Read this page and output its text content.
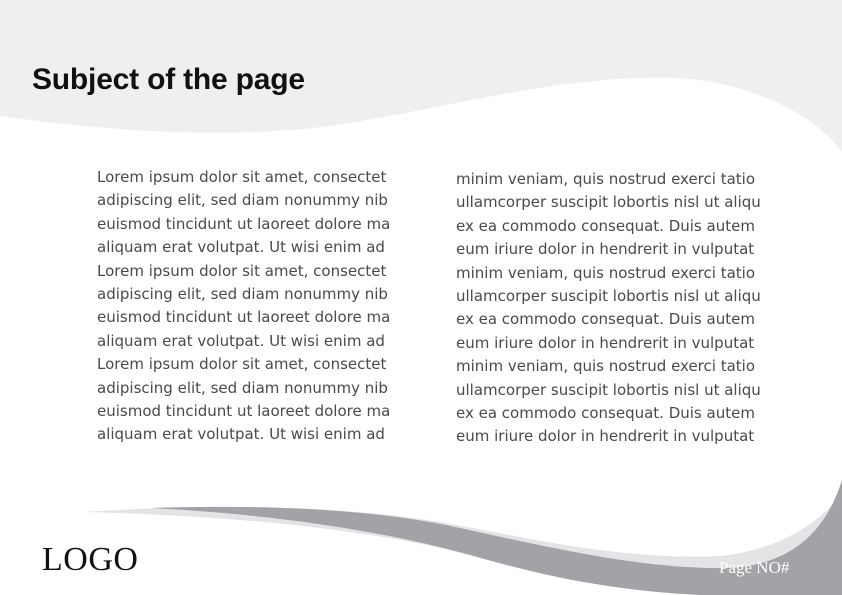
Subject of the page

Lorem ipsum dolor sit amet, consectet
adipiscing elit, sed diam nonummy nib
euismod tincidunt ut laoreet dolore ma
aliquam erat volutpat. Ut wisi enim ad

Lorem ipsum dolor sit amet, consectet
adipiscing elit, sed diam nonummy nib
euismod tincidunt ut laoreet dolore ma
aliquam erat volutpat. Ut wisi enim ad

Lorem ipsum dolor sit amet, consectet
adipiscing elit, sed diam nonummy nib
euismod tincidunt ut laoreet dolore ma
aliquam erat volutpat. Ut wisi enim ad

minim veniam, quis nostrud exerci tatio
ullamcorper suscipit lobortis nisl ut aliqu
ex ea commodo consequat. Duis autem
eum iriure dolor in hendrerit in vulputat

minim veniam, quis nostrud exerci tatio
ullamcorper suscipit lobortis nisl ut aliqu
ex ea commodo consequat. Duis autem
eum iriure dolor in hendrerit in vulputat

minim veniam, quis nostrud exerci tatio
ullamcorper suscipit lobortis nisl ut aliqu
ex ea commodo consequat. Duis autem
eum iriure dolor in hendrerit in vulputat

LOGO	Page NO#
